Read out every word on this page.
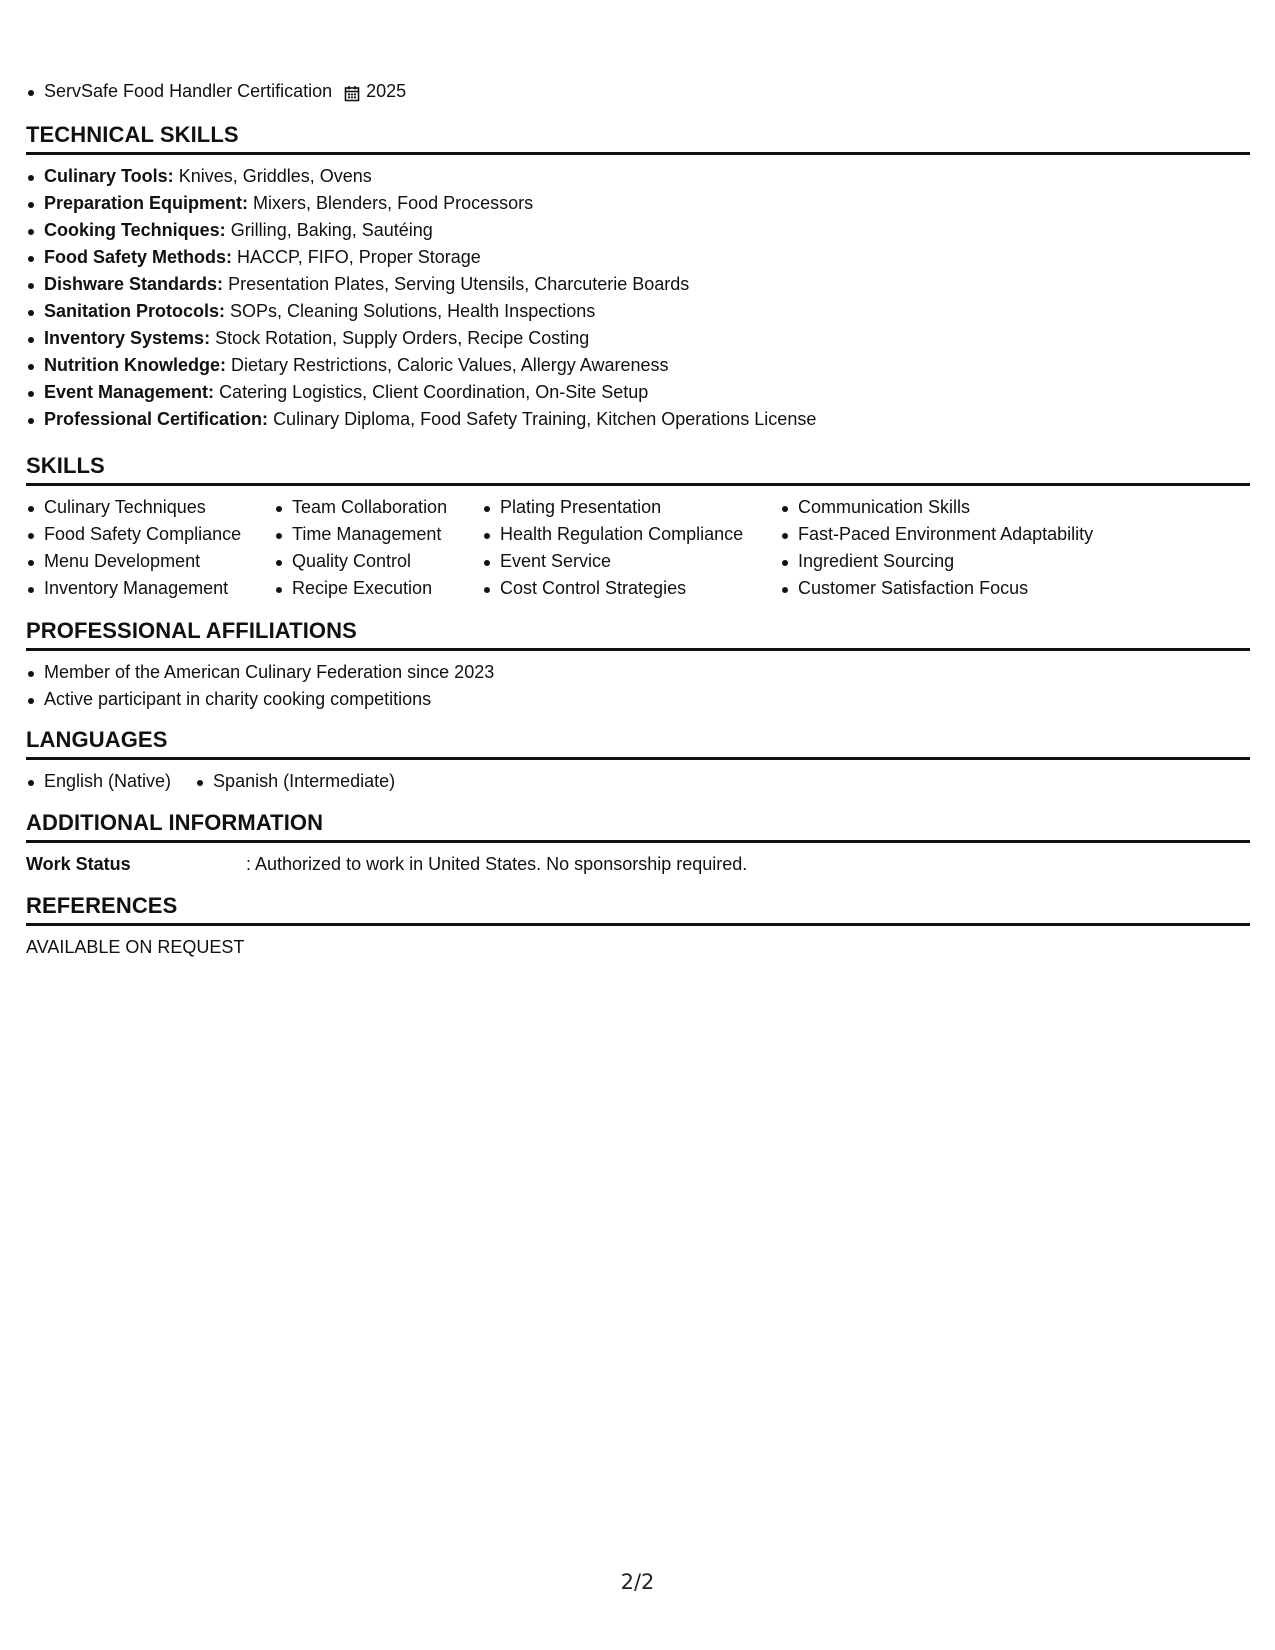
ServSafe Food Handler Certification 2025
TECHNICAL SKILLS
Culinary Tools: Knives, Griddles, Ovens
Preparation Equipment: Mixers, Blenders, Food Processors
Cooking Techniques: Grilling, Baking, Sautéing
Food Safety Methods: HACCP, FIFO, Proper Storage
Dishware Standards: Presentation Plates, Serving Utensils, Charcuterie Boards
Sanitation Protocols: SOPs, Cleaning Solutions, Health Inspections
Inventory Systems: Stock Rotation, Supply Orders, Recipe Costing
Nutrition Knowledge: Dietary Restrictions, Caloric Values, Allergy Awareness
Event Management: Catering Logistics, Client Coordination, On-Site Setup
Professional Certification: Culinary Diploma, Food Safety Training, Kitchen Operations License
SKILLS
Culinary Techniques
Food Safety Compliance
Menu Development
Inventory Management
Team Collaboration
Time Management
Quality Control
Recipe Execution
Plating Presentation
Health Regulation Compliance
Event Service
Cost Control Strategies
Communication Skills
Fast-Paced Environment Adaptability
Ingredient Sourcing
Customer Satisfaction Focus
PROFESSIONAL AFFILIATIONS
Member of the American Culinary Federation since 2023
Active participant in charity cooking competitions
LANGUAGES
English (Native)	Spanish (Intermediate)
ADDITIONAL INFORMATION
Work Status	: Authorized to work in United States. No sponsorship required.
REFERENCES
AVAILABLE ON REQUEST
2/2
